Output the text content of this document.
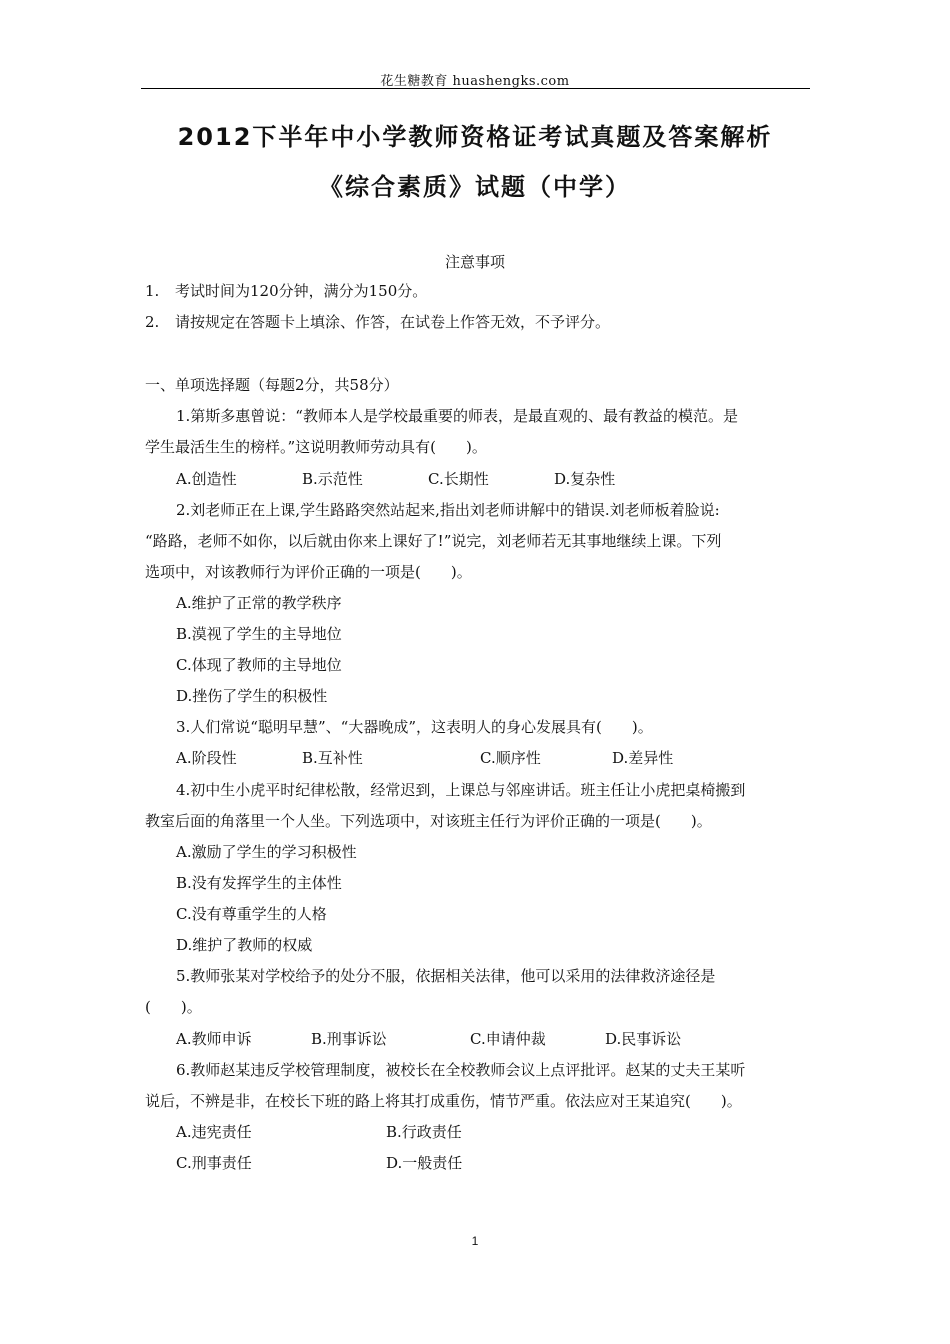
花生糖教育 huashengks.com
2012下半年中小学教师资格证考试真题及答案解析
《综合素质》试题（中学）
注意事项
1. 考试时间为120分钟，满分为150分。
2. 请按规定在答题卡上填涂、作答，在试卷上作答无效，不予评分。
一、单项选择题（每题2分，共58分）
1.第斯多惠曾说：“教师本人是学校最重要的师表，是最直观的、最有教益的模范。是
学生最活生生的榜样。”这说明教师劳动具有(　　)。
A.创造性	B.示范性	C.长期性	D.复杂性
2.刘老师正在上课,学生路路突然站起来,指出刘老师讲解中的错误.刘老师板着脸说:
“路路，老师不如你，以后就由你来上课好了!”说完，刘老师若无其事地继续上课。下列
选项中，对该教师行为评价正确的一项是(　　)。
A.维护了正常的教学秩序
B.漠视了学生的主导地位
C.体现了教师的主导地位
D.挫伤了学生的积极性
3.人们常说“聪明早慧”、“大器晚成”，这表明人的身心发展具有(　　)。
A.阶段性	B.互补性	C.顺序性	D.差异性
4.初中生小虎平时纪律松散，经常迟到，上课总与邻座讲话。班主任让小虎把桌椅搬到
教室后面的角落里一个人坐。下列选项中，对该班主任行为评价正确的一项是(　　)。
A.激励了学生的学习积极性
B.没有发挥学生的主体性
C.没有尊重学生的人格
D.维护了教师的权威
5.教师张某对学校给予的处分不服，依据相关法律，他可以采用的法律救济途径是
(　　)。
A.教师申诉	B.刑事诉讼	C.申请仲裁	D.民事诉讼
6.教师赵某违反学校管理制度，被校长在全校教师会议上点评批评。赵某的丈夫王某听
说后，不辨是非，在校长下班的路上将其打成重伤，情节严重。依法应对王某追究(　　)。
A.违宪责任	B.行政责任
C.刑事责任	D.一般责任
1
